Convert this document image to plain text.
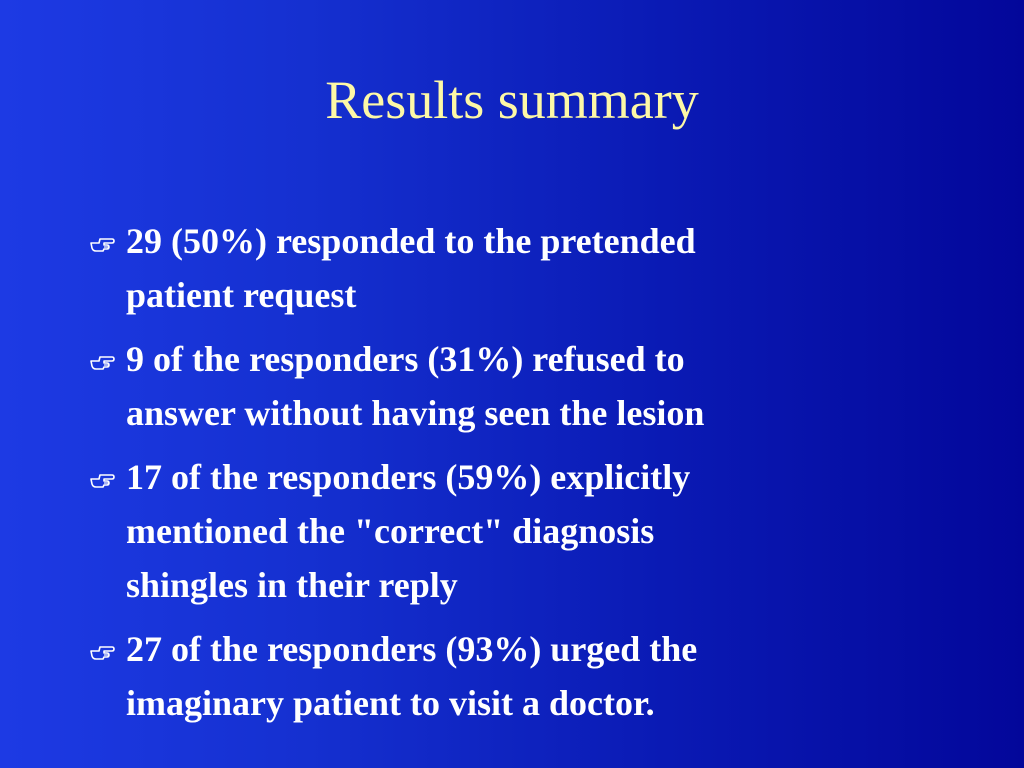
Results summary
29 (50%) responded to the pretended
patient request
9 of the responders (31%) refused to
answer without having seen the lesion
17 of the responders (59%) explicitly
mentioned the "correct" diagnosis
shingles in their reply
27 of the responders (93%) urged the
imaginary patient to visit a doctor.
